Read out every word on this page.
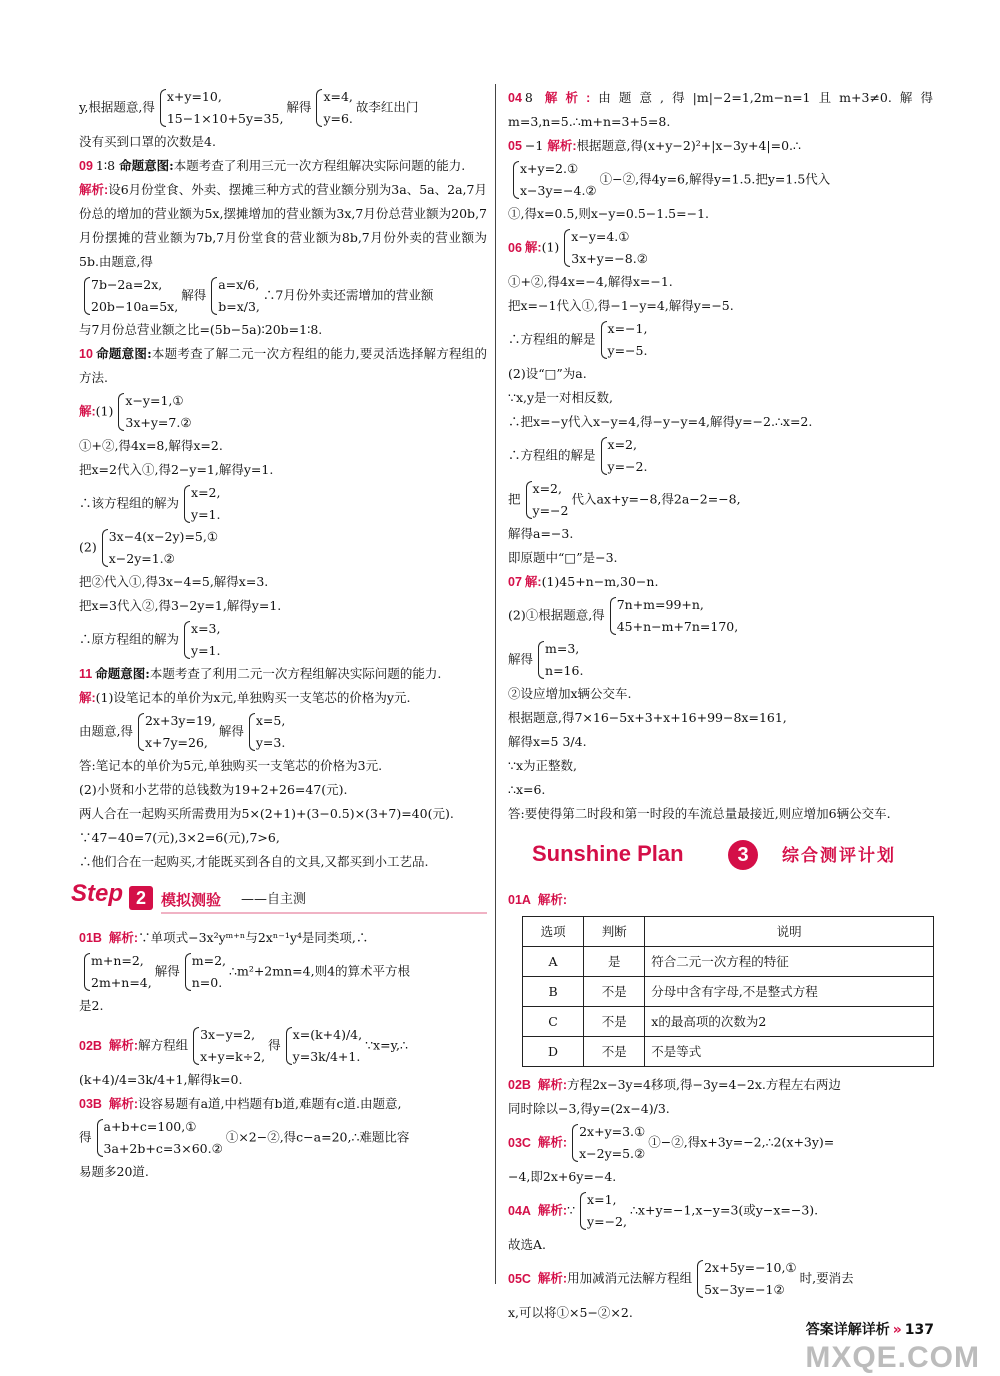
y,根据题意,得
x+y=10,
15−1×10+5y=35,
解得
x=4,
y=6.
故李红出门

没有买到口罩的次数是4.

09 1∶8 命题意图:本题考查了利用三元一次方程组解决实际问题的能力.

解析:设6月份堂食、外卖、摆摊三种方式的营业额分别为3a、5a、2a,7月份总的增加的营业额为5x,摆摊增加的营业额为3x,7月份总营业额为20b,7月份摆摊的营业额为7b,7月份堂食的营业额为8b,7月份外卖的营业额为5b.由题意,得

7b−2a=2x,
20b−10a=5x,
解得
a=x/6,
b=x/3,
∴7月份外卖还需增加的营业额

与7月份总营业额之比=(5b−5a)∶20b=1∶8.

10 命题意图:本题考查了解二元一次方程组的能力,要灵活选择解方程组的方法.

解:(1)
x−y=1,①
3x+y=7.②

①+②,得4x=8,解得x=2.

把x=2代入①,得2−y=1,解得y=1.

∴该方程组的解为
x=2,
y=1.

(2)
3x−4(x−2y)=5,①
x−2y=1.②

把②代入①,得3x−4=5,解得x=3.

把x=3代入②,得3−2y=1,解得y=1.

∴原方程组的解为
x=3,
y=1.

11 命题意图:本题考查了利用二元一次方程组解决实际问题的能力.

解:(1)设笔记本的单价为x元,单独购买一支笔芯的价格为y元.

由题意,得
2x+3y=19,
x+7y=26,
解得
x=5,
y=3.

答:笔记本的单价为5元,单独购买一支笔芯的价格为3元.

(2)小贤和小艺带的总钱数为19+2+26=47(元).

两人合在一起购买所需费用为5×(2+1)+(3−0.5)×(3+7)=40(元).

∵47−40=7(元),3×2=6(元),7>6,

∴他们合在一起购买,才能既买到各自的文具,又都买到小工艺品.

Step 2	模拟测验 ——自主测

01B 解析:∵单项式−3x²yᵐ⁺ⁿ与2xⁿ⁻¹y⁴是同类项,∴

m+n=2,
2m+n=4,
解得
m=2,
n=0.
∴m²+2mn=4,则4的算术平方根

是2.

02B 解析:解方程组
3x−y=2,
x+y=k÷2,
得
x=(k+4)/4,
y=3k/4+1.
∵x=y,∴

(k+4)/4=3k/4+1,解得k=0.

03B 解析:设容易题有a道,中档题有b道,难题有c道.由题意,

得
a+b+c=100,①
3a+2b+c=3×60.②
①×2−②,得c−a=20,∴难题比容

易题多20道.

04 8 解析:由题意,得|m|−2=1,2m−n=1且m+3≠0.解得m=3,n=5.∴m+n=3+5=8.

05 −1 解析:根据题意,得(x+y−2)²+|x−3y+4|=0.∴

x+y=2.①
x−3y=−4.②
①−②,得4y=6,解得y=1.5.把y=1.5代入

①,得x=0.5,则x−y=0.5−1.5=−1.

06 解:(1)
x−y=4.①
3x+y=−8.②

①+②,得4x=−4,解得x=−1.

把x=−1代入①,得−1−y=4,解得y=−5.

∴方程组的解是
x=−1,
y=−5.

(2)设“□”为a.

∵x,y是一对相反数,

∴把x=−y代入x−y=4,得−y−y=4,解得y=−2.∴x=2.

∴方程组的解是
x=2,
y=−2.

把
x=2,
y=−2
代入ax+y=−8,得2a−2=−8,

解得a=−3.

即原题中“□”是−3.

07 解:(1)45+n−m,30−n.

(2)①根据题意,得
7n+m=99+n,
45+n−m+7n=170,

解得
m=3,
n=16.

②设应增加x辆公交车.

根据题意,得7×16−5x+3+x+16+99−8x=161,

解得x=5 3/4.

∵x为正整数,

∴x=6.

答:要使得第二时段和第一时段的车流总量最接近,则应增加6辆公交车.

Sunshine Plan	3	综合测评计划

01A 解析:

选项	判断	说明
A	是	符合二元一次方程的特征
B	不是	分母中含有字母,不是整式方程
C	不是	x的最高项的次数为2
D	不是	不是等式

02B 解析:方程2x−3y=4移项,得−3y=4−2x.方程左右两边

同时除以−3,得y=(2x−4)/3.

03C 解析:
2x+y=3.①
x−2y=5.②
①−②,得x+3y=−2,∴2(x+3y)=

−4,即2x+6y=−4.

04A 解析:∵
x=1,
y=−2,
∴x+y=−1,x−y=3(或y−x=−3).

故选A.

05C 解析:用加减消元法解方程组
2x+5y=−10,①
5x−3y=−1②
时,要消去

x,可以将①×5−②×2.

答案详解详析 » 137
MXQE.COM
